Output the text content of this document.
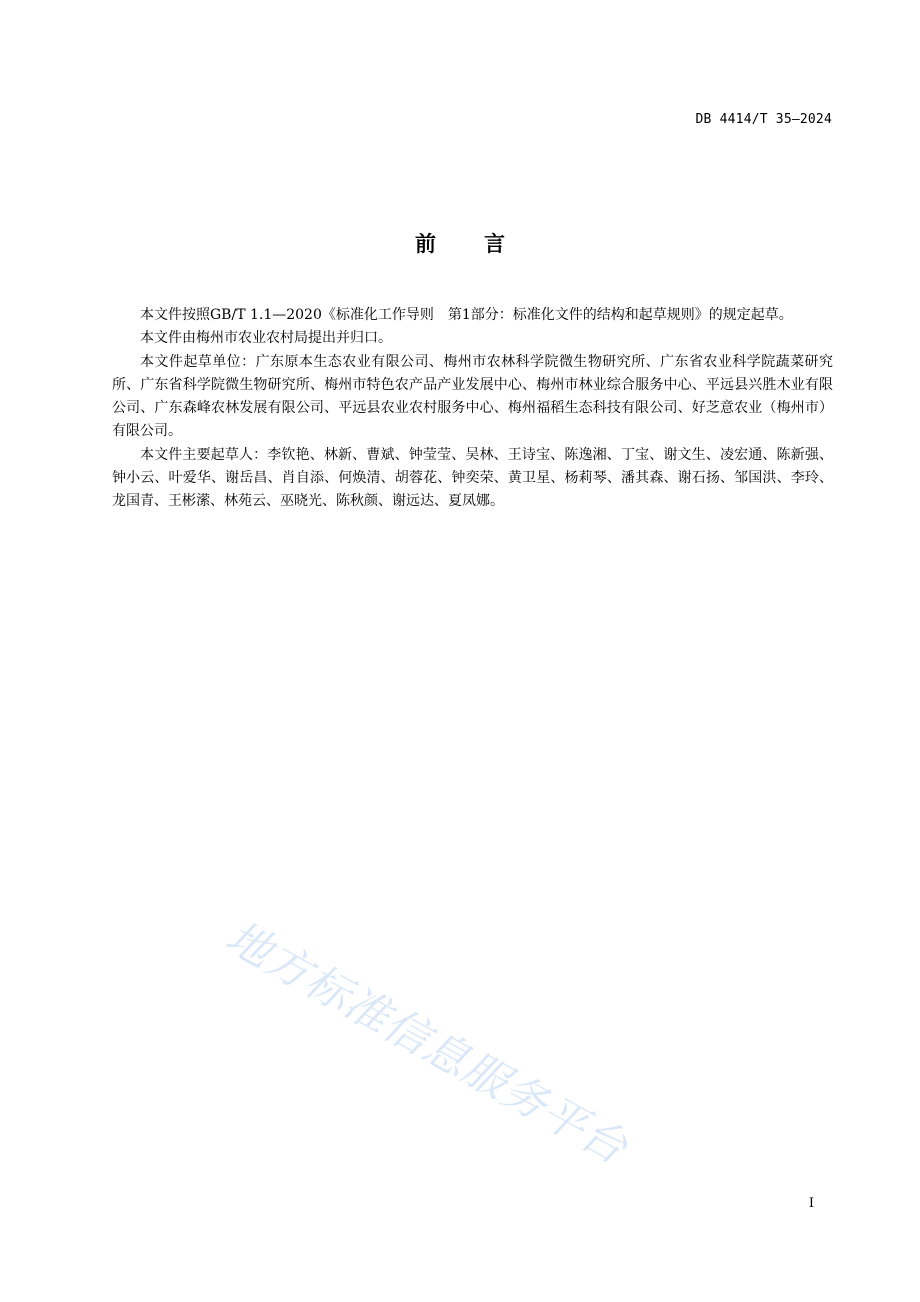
DB 4414/T 35—2024
前 言

本文件按照GB/T 1.1—2020《标准化工作导则　第1部分：标准化文件的结构和起草规则》的规定起草。

本文件由梅州市农业农村局提出并归口。

本文件起草单位：广东原本生态农业有限公司、梅州市农林科学院微生物研究所、广东省农业科学院蔬菜研究所、广东省科学院微生物研究所、梅州市特色农产品产业发展中心、梅州市林业综合服务中心、平远县兴胜木业有限公司、广东森峰农林发展有限公司、平远县农业农村服务中心、梅州福稻生态科技有限公司、好芝意农业（梅州市）有限公司。

本文件主要起草人：李钦艳、林新、曹斌、钟莹莹、吴林、王诗宝、陈逸湘、丁宝、谢文生、凌宏通、陈新强、钟小云、叶爱华、谢岳昌、肖自添、何焕清、胡蓉花、钟奕荣、黄卫星、杨莉琴、潘其森、谢石扬、邹国洪、李玲、龙国青、王彬潆、林苑云、巫晓光、陈秋颜、谢远达、夏凤娜。

地方标准信息服务平台
I
